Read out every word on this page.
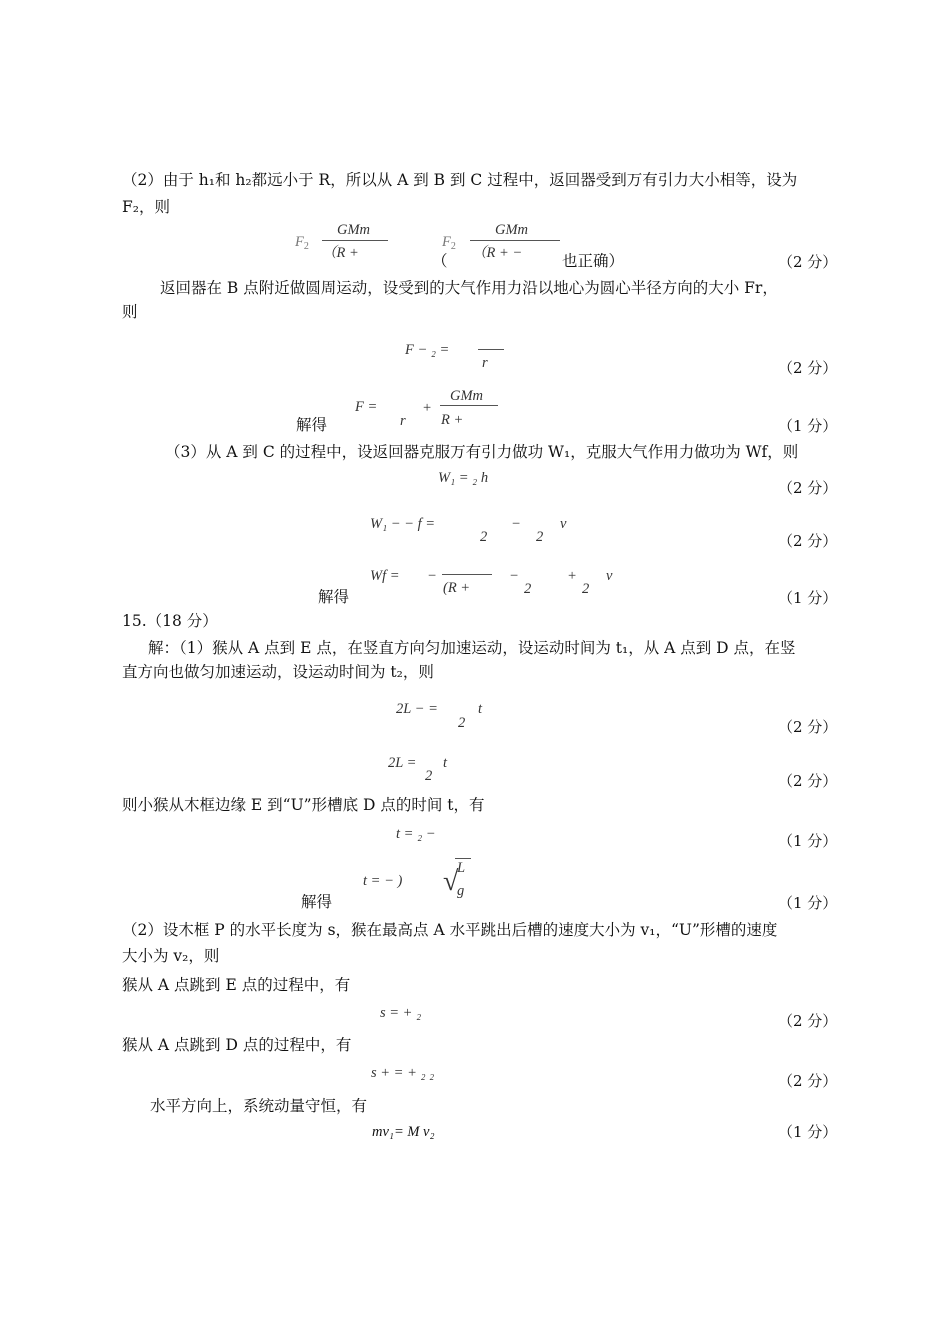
（2）由于 h₁和 h₂都远小于 R，所以从 A 到 B 到 C 过程中，返回器受到万有引力大小相等，设为
F₂，则
$F_2$
GMm
（R +
$F_2$
GMm
（ （R + −	也正确）	（2 分）
返回器在 B 点附近做圆周运动，设受到的大气作用力沿以地心为圆心半径方向的大小 Fr，
则
F − ₂ =
r	（2 分）
解得
F =
r
+
GMm
R +	（1 分）
（3）从 A 到 C 的过程中，设返回器克服万有引力做功 W₁，克服大气作用力做功为 Wf，则
W₁ = ₂ h
（2 分）
W₁ − − f =
2
−
2
v
（2 分）
解得
Wf = −
(R +
−
2
+
2
v
（1 分）
15.（18 分）
解：（1）猴从 A 点到 E 点，在竖直方向匀加速运动，设运动时间为 t₁，从 A 点到 D 点，在竖
直方向也做匀加速运动，设运动时间为 t₂，则
2L − =
2
t
（2 分）
2L =
2
t
（2 分）
则小猴从木框边缘 E 到“U”形槽底 D 点的时间 t，有
t = ₂ −	（1 分）
解得
t = − ) √
L
g
（1 分）
（2）设木框 P 的水平长度为 s，猴在最高点 A 水平跳出后槽的速度大小为 v₁，“U”形槽的速度
大小为 v₂，则
猴从 A 点跳到 E 点的过程中，有
s = + ₂	（2 分）
猴从 A 点跳到 D 点的过程中，有
s + = + ₂ ₂	（2 分）
水平方向上，系统动量守恒，有
mv₁= M v₂	（1 分）
